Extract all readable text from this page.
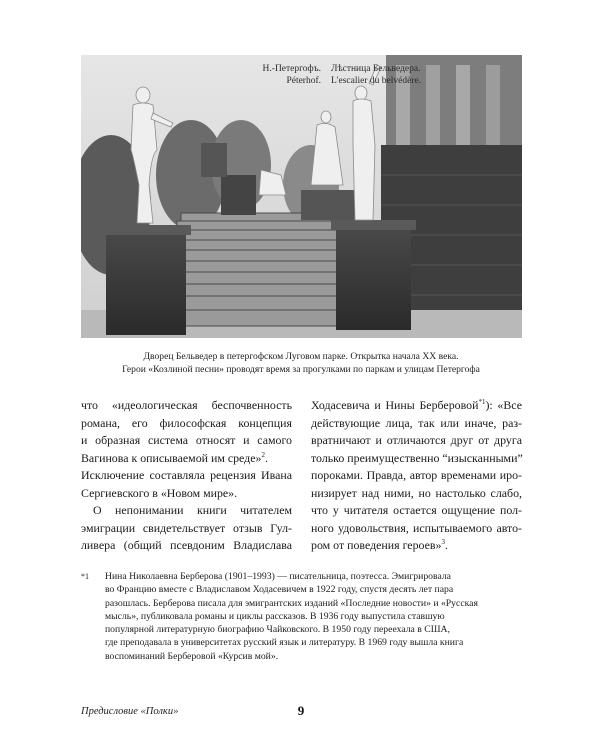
Н.-Петергофъ.	Лѣстница Бельведера.
Péterhof.	L'escalier du belvédère.
Дворец Бельведер в петергофском Луговом парке. Открытка начала XX века.
Герои «Козлиной песни» проводят время за прогулками по паркам и улицам Петергофа
что «идеологическая беспочвенность
романа, его философская концепция
и образная система относят и самого
Вагинова к описываемой им среде»$^2$.
Исключение составляла рецензия Ивана
Сергиевского в «Новом мире».
О непонимании книги читателем
эмиграции свидетельствует отзыв Гул-
ливера (общий псевдоним Владислава
Ходасевича и Нины Берберовой$^{*1}$): «Все
действующие лица, так или иначе, раз-
вратничают и отличаются друг от друга
только преимущественно “изысканными”
пороками. Правда, автор временами иро-
низирует над ними, но настолько слабо,
что у читателя остается ощущение пол-
ного удовольствия, испытываемого авто-
ром от поведения героев»$^3$.
*1 Нина Николаевна Берберова (1901–1993) — писательница, поэтесса. Эмигрировала
во Францию вместе с Владиславом Ходасевичем в 1922 году, спустя десять лет пара
разошлась. Берберова писала для эмигрантских изданий «Последние новости» и «Русская
мысль», публиковала романы и циклы рассказов. В 1936 году выпустила ставшую
популярной литературную биографию Чайковского. В 1950 году переехала в США,
где преподавала в университетах русский язык и литературу. В 1969 году вышла книга
воспоминаний Берберовой «Курсив мой».
Предисловие «Полки»	9
